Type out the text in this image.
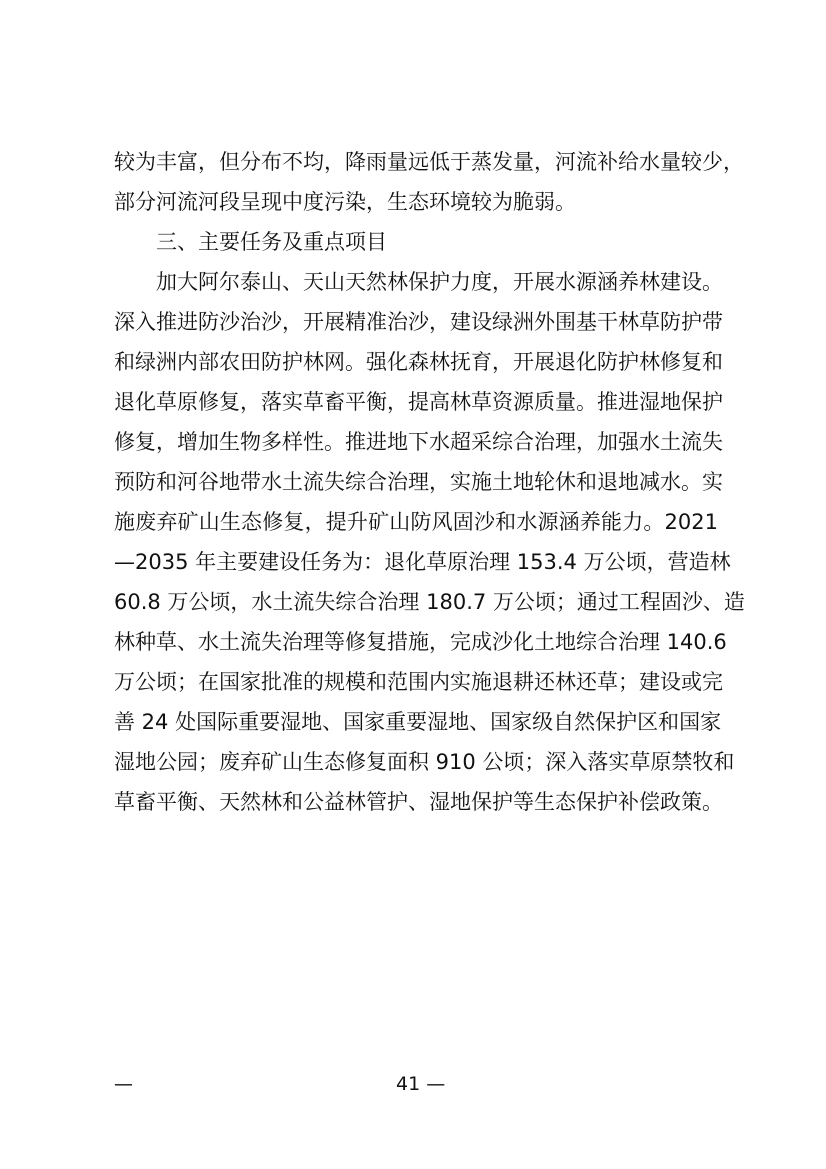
较为丰富，但分布不均，降雨量远低于蒸发量，河流补给水量较少，
部分河流河段呈现中度污染，生态环境较为脆弱。
三、主要任务及重点项目
加大阿尔泰山、天山天然林保护力度，开展水源涵养林建设。
深入推进防沙治沙，开展精准治沙，建设绿洲外围基干林草防护带
和绿洲内部农田防护林网。强化森林抚育，开展退化防护林修复和
退化草原修复，落实草畜平衡，提高林草资源质量。推进湿地保护
修复，增加生物多样性。推进地下水超采综合治理，加强水土流失
预防和河谷地带水土流失综合治理，实施土地轮休和退地减水。实
施废弃矿山生态修复，提升矿山防风固沙和水源涵养能力。2021
—2035 年主要建设任务为：退化草原治理 153.4 万公顷，营造林
60.8 万公顷，水土流失综合治理 180.7 万公顷；通过工程固沙、造
林种草、水土流失治理等修复措施，完成沙化土地综合治理 140.6
万公顷；在国家批准的规模和范围内实施退耕还林还草；建设或完
善 24 处国际重要湿地、国家重要湿地、国家级自然保护区和国家
湿地公园；废弃矿山生态修复面积 910 公顷；深入落实草原禁牧和
草畜平衡、天然林和公益林管护、湿地保护等生态保护补偿政策。
—	41 —
